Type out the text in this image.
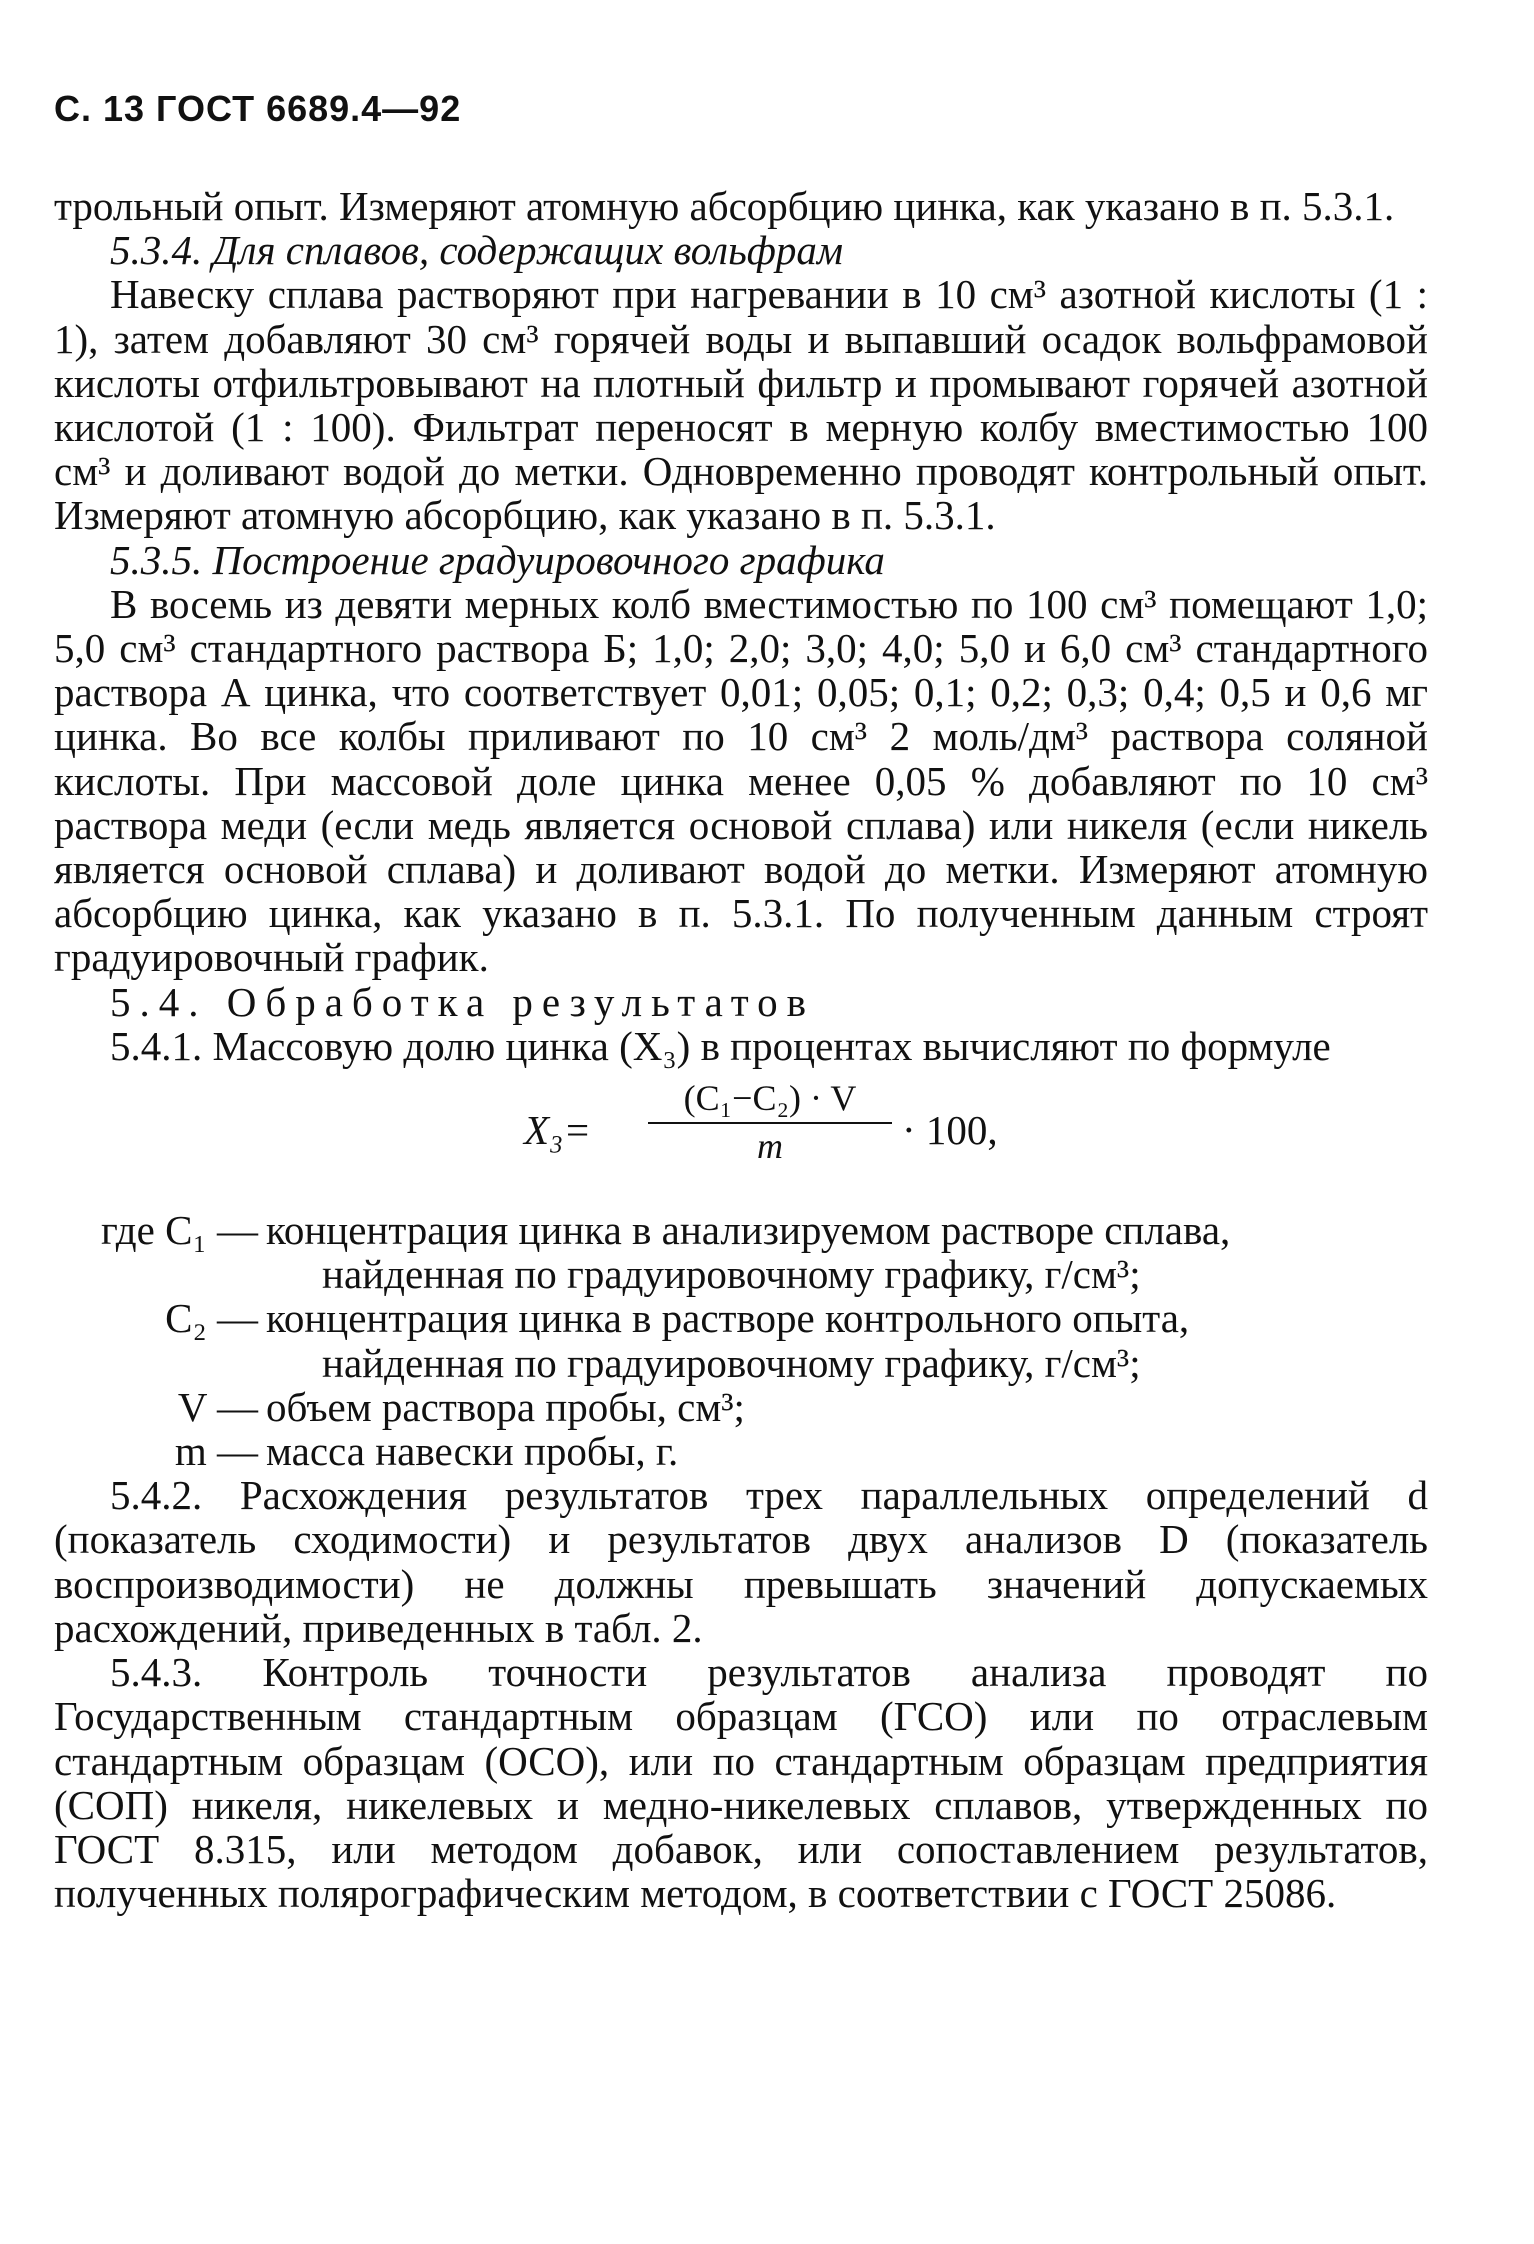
С. 13 ГОСТ 6689.4—92

трольный опыт. Измеряют атомную абсорбцию цинка, как указано в п. 5.3.1.

5.3.4. Для сплавов, содержащих вольфрам

Навеску сплава растворяют при нагревании в 10 см³ азотной кислоты (1 : 1), затем добавляют 30 см³ горячей воды и выпавший осадок вольфрамовой кислоты отфильтровывают на плотный фильтр и промывают горячей азотной кислотой (1 : 100). Фильтрат переносят в мерную колбу вместимостью 100 см³ и доливают водой до метки. Одновременно проводят контрольный опыт. Измеряют атомную абсорбцию, как указано в п. 5.3.1.

5.3.5. Построение градуировочного графика

В восемь из девяти мерных колб вместимостью по 100 см³ помещают 1,0; 5,0 см³ стандартного раствора Б; 1,0; 2,0; 3,0; 4,0; 5,0 и 6,0 см³ стандартного раствора А цинка, что соответствует 0,01; 0,05; 0,1; 0,2; 0,3; 0,4; 0,5 и 0,6 мг цинка. Во все колбы приливают по 10 см³ 2 моль/дм³ раствора соляной кислоты. При массовой доле цинка менее 0,05 % добавляют по 10 см³ раствора меди (если медь является основой сплава) или никеля (если никель является основой сплава) и доливают водой до метки. Измеряют атомную абсорбцию цинка, как указано в п. 5.3.1. По полученным данным строят градуировочный график.

5.4. Обработка результатов

5.4.1. Массовую долю цинка (X₃) в процентах вычисляют по формуле

$X_3= \frac{\text{(C₁−C₂) · V}}{m} \cdot 100$,
где C₁ — концентрация цинка в анализируемом растворе сплава,
найденная по градуировочному графику, г/см³;
C₂ — концентрация цинка в растворе контрольного опыта,
найденная по градуировочному графику, г/см³;
V — объем раствора пробы, см³;
m — масса навески пробы, г.

5.4.2. Расхождения результатов трех параллельных определений d (показатель сходимости) и результатов двух анализов D (показатель воспроизводимости) не должны превышать значений допускаемых расхождений, приведенных в табл. 2.

5.4.3. Контроль точности результатов анализа проводят по Государственным стандартным образцам (ГСО) или по отраслевым стандартным образцам (ОСО), или по стандартным образцам предприятия (СОП) никеля, никелевых и медно-никелевых сплавов, утвержденных по ГОСТ 8.315, или методом добавок, или сопоставлением результатов, полученных полярографическим методом, в соответствии с ГОСТ 25086.
